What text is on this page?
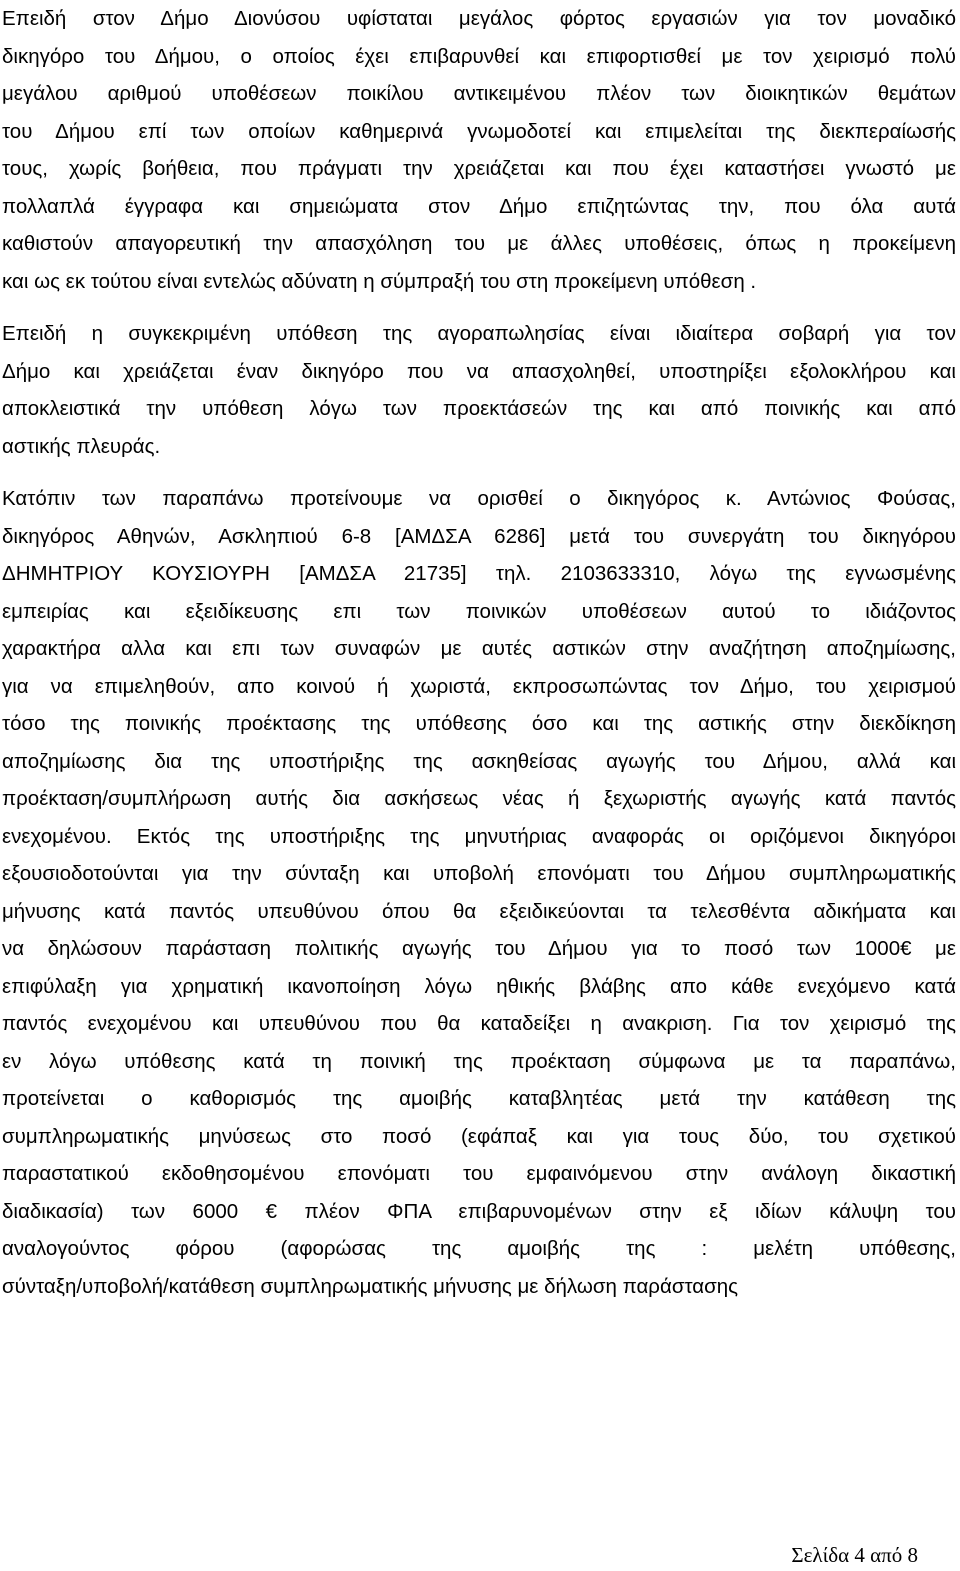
Επειδή στον Δήμο Διονύσου υφίσταται μεγάλος φόρτος εργασιών για τον μοναδικό
δικηγόρο του Δήμου, ο οποίος έχει επιβαρυνθεί και επιφορτισθεί με τον χειρισμό πολύ
μεγάλου αριθμού υποθέσεων ποικίλου αντικειμένου πλέον των διοικητικών θεμάτων
του Δήμου επί των οποίων καθημερινά γνωμοδοτεί και επιμελείται της διεκπεραίωσής
τους, χωρίς βοήθεια, που πράγματι την χρειάζεται και που έχει καταστήσει γνωστό με
πολλαπλά έγγραφα και σημειώματα στον Δήμο επιζητώντας την, που όλα αυτά
καθιστούν απαγορευτική την απασχόληση του με άλλες υποθέσεις, όπως η προκείμενη
και ως εκ τούτου είναι εντελώς αδύνατη η σύμπραξή του στη προκείμενη υπόθεση .
Επειδή η συγκεκριμένη υπόθεση της αγοραπωλησίας είναι ιδιαίτερα σοβαρή για τον
Δήμο και χρειάζεται έναν δικηγόρο που να απασχοληθεί, υποστηρίξει εξολοκλήρου και
αποκλειστικά την υπόθεση λόγω των προεκτάσεών της και από ποινικής και από
αστικής πλευράς.
Κατόπιν των παραπάνω προτείνουμε να ορισθεί ο δικηγόρος κ. Αντώνιος Φούσας,
δικηγόρος Αθηνών, Ασκληπιού 6-8 [ΑΜΔΣΑ 6286] μετά του συνεργάτη του δικηγόρου
ΔΗΜΗΤΡΙΟΥ ΚΟΥΣΙΟΥΡΗ [ΑΜΔΣΑ 21735] τηλ. 2103633310, λόγω της εγνωσμένης
εμπειρίας και εξειδίκευσης επι των ποινικών υποθέσεων αυτού το ιδιάζοντος
χαρακτήρα αλλα και επι των συναφών με αυτές αστικών στην αναζήτηση αποζημίωσης,
για να επιμεληθούν, απο κοινού ή χωριστά, εκπροσωπώντας τον Δήμο, του χειρισμού
τόσο της ποινικής προέκτασης της υπόθεσης όσο και της αστικής στην διεκδίκηση
αποζημίωσης δια της υποστήριξης της ασκηθείσας αγωγής του Δήμου, αλλά και
προέκταση/συμπλήρωση αυτής δια ασκήσεως νέας ή ξεχωριστής αγωγής κατά παντός
ενεχομένου. Εκτός της υποστήριξης της μηνυτήριας αναφοράς οι οριζόμενοι δικηγόροι
εξουσιοδοτούνται για την σύνταξη και υποβολή επονόματι του Δήμου συμπληρωματικής
μήνυσης κατά παντός υπευθύνου όπου θα εξειδικεύονται τα τελεσθέντα αδικήματα και
να δηλώσουν παράσταση πολιτικής αγωγής του Δήμου για το ποσό των 1000€ με
επιφύλαξη για χρηματική ικανοποίηση λόγω ηθικής βλάβης απο κάθε ενεχόμενο κατά
παντός ενεχομένου και υπευθύνου που θα καταδείξει η ανακριση. Για τον χειρισμό της
εν λόγω υπόθεσης κατά τη ποινική της προέκταση σύμφωνα με τα παραπάνω,
προτείνεται ο καθορισμός της αμοιβής καταβλητέας μετά την κατάθεση της
συμπληρωματικής μηνύσεως στο ποσό (εφάπαξ και για τους δύο, του σχετικού
παραστατικού εκδοθησομένου επονόματι του εμφαινόμενου στην ανάλογη δικαστική
διαδικασία) των 6000 € πλέον ΦΠΑ επιβαρυνομένων στην εξ ιδίων κάλυψη του
αναλογούντος φόρου (αφορώσας της αμοιβής της : μελέτη υπόθεσης,
σύνταξη/υποβολή/κατάθεση συμπληρωματικής μήνυσης με δήλωση παράστασης
Σελίδα 4 από 8
